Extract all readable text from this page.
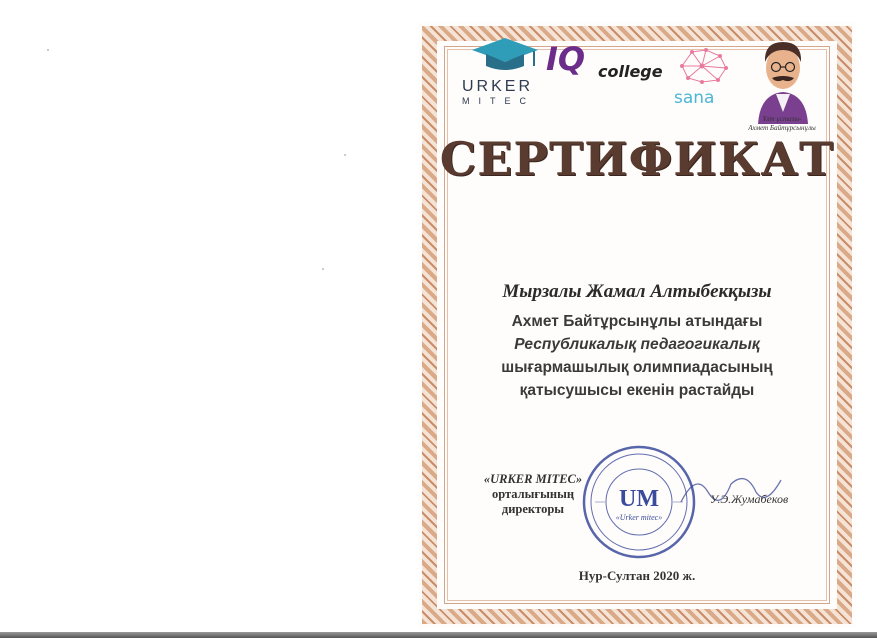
URKER
MITEC
IQ college
sana
Ұлт ұстазы-
Ахмет Байтұрсынұлы
СЕРТИФИКАТ
Мырзалы Жамал Алтыбекқызы
Ахмет Байтұрсынұлы атындағы
Республикалық педагогикалық
шығармашылық олимпиадасының
қатысушысы екенін растайды
«URKER MITEC»
орталығының
директоры	UM
«Urker mitec»
У.Э.Жумабеков
Нур-Султан 2020 ж.
